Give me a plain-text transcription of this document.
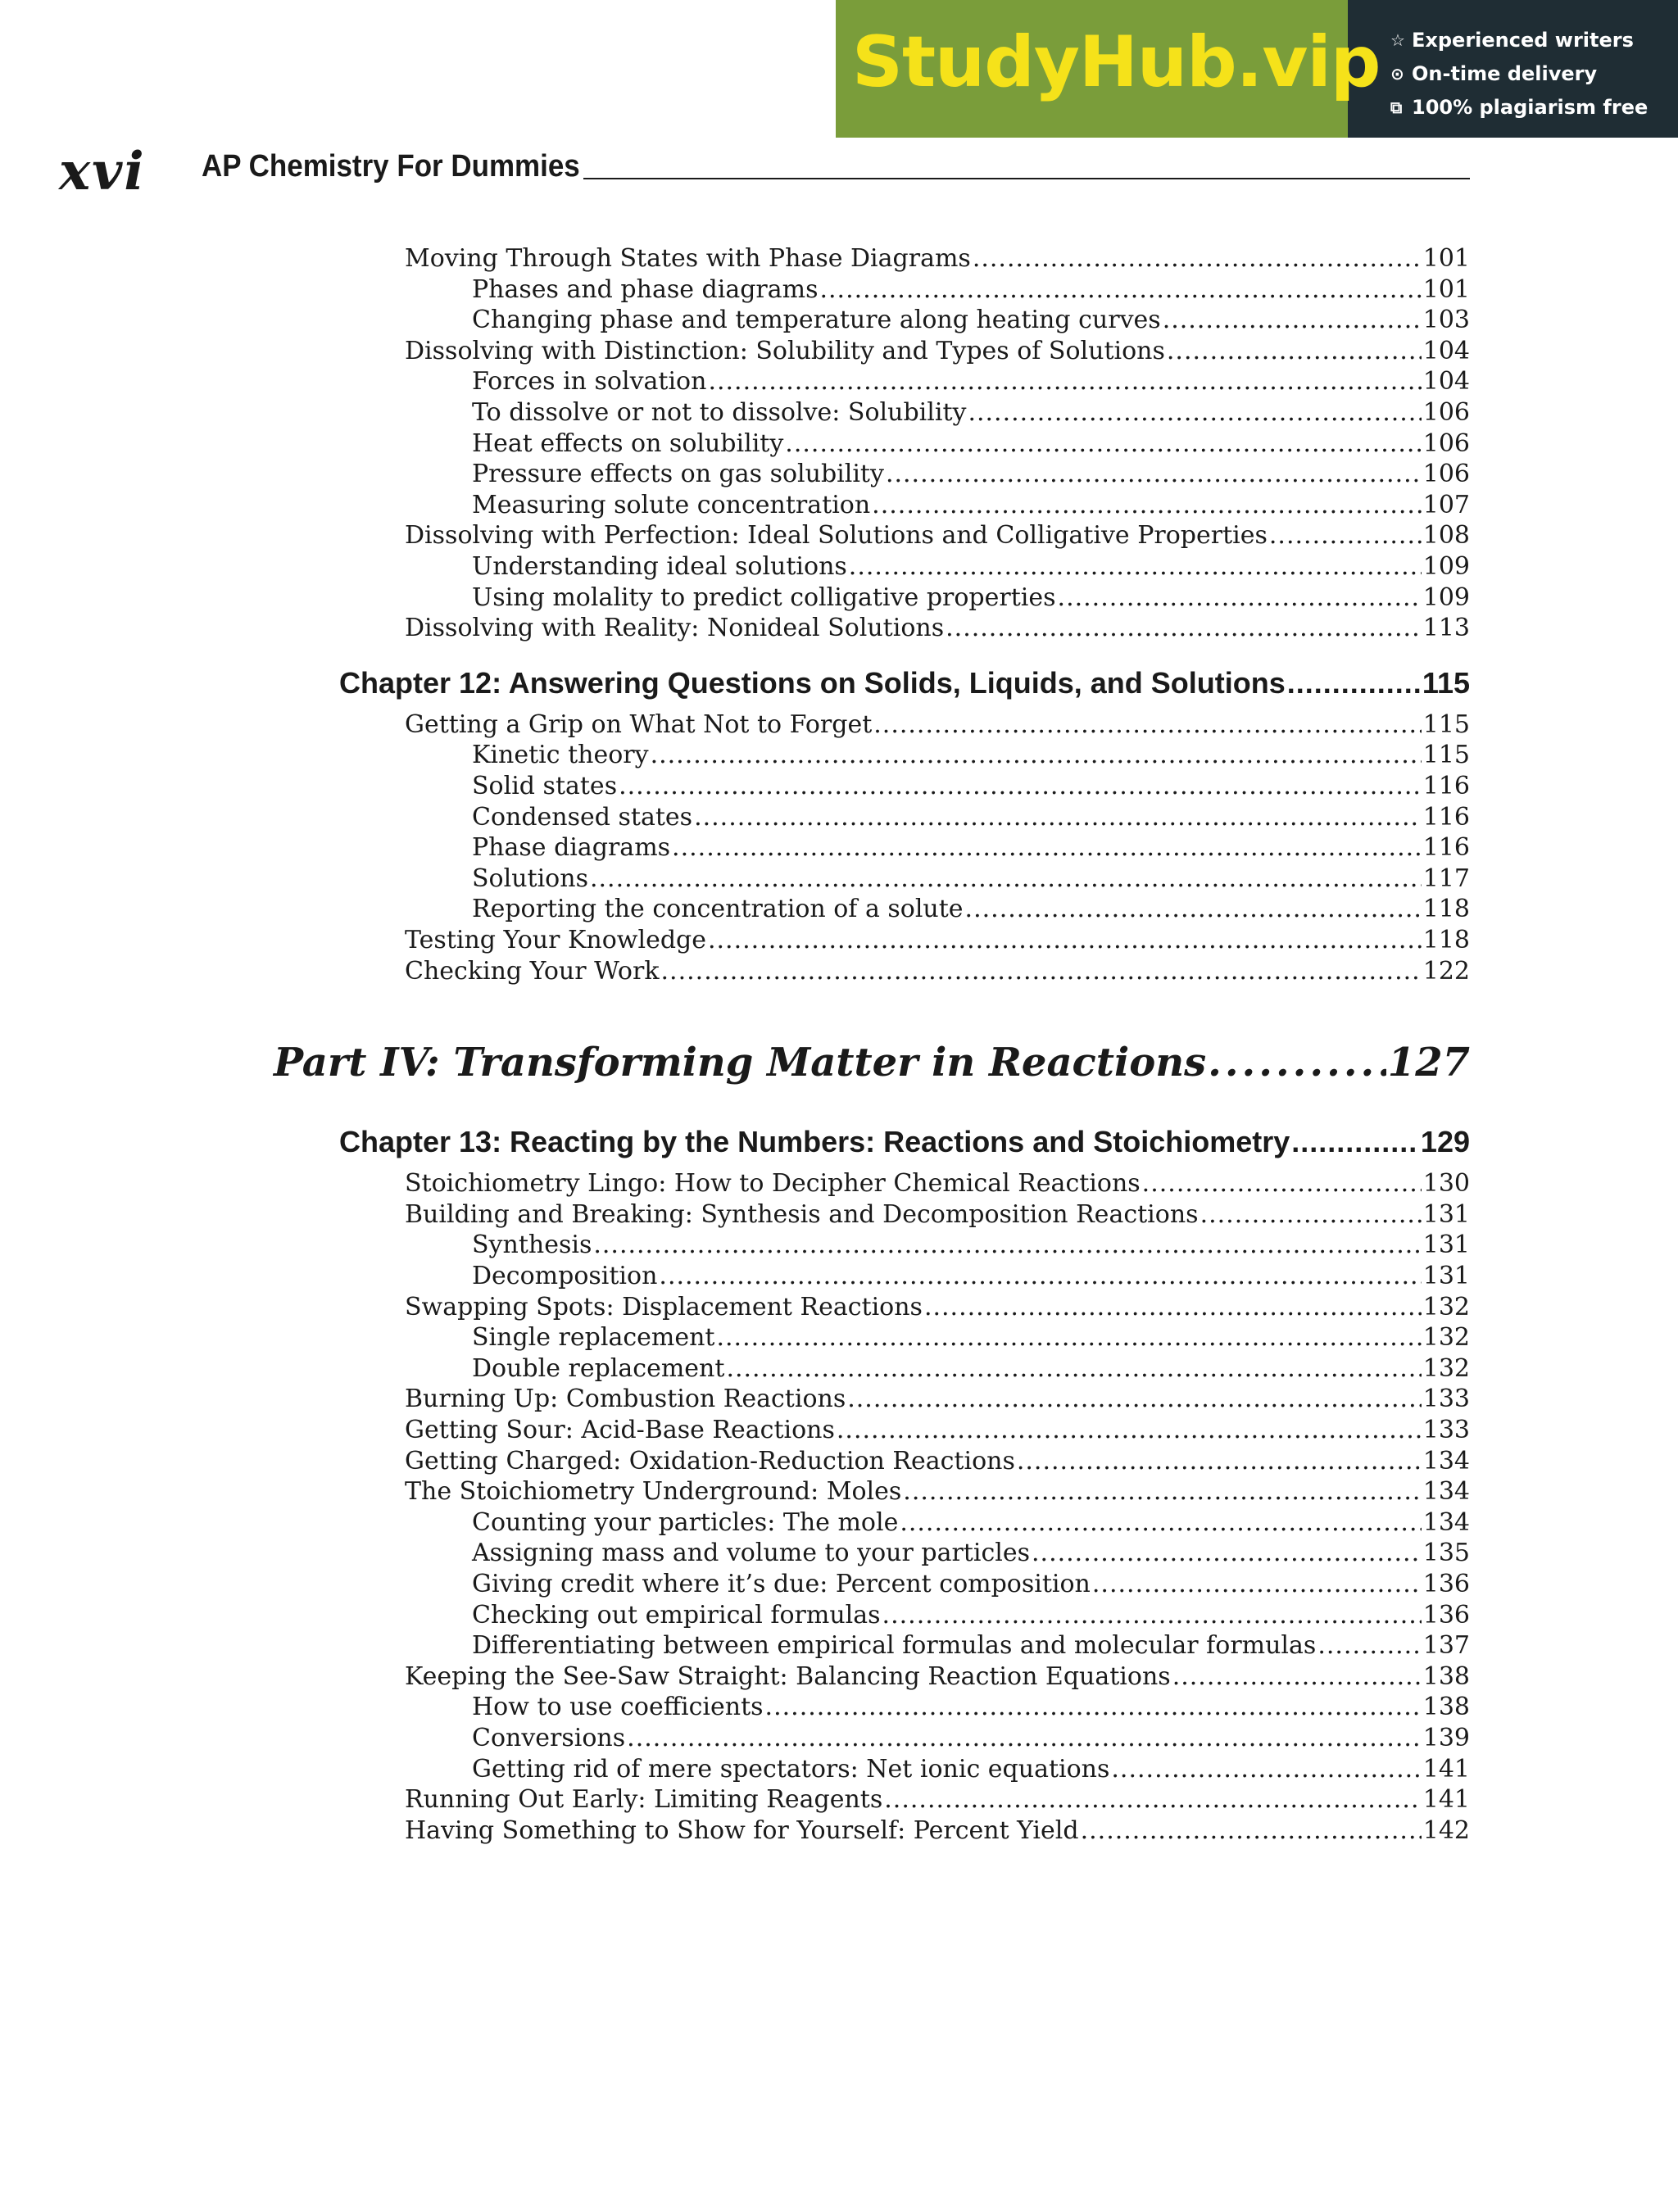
StudyHub.vip ☆ Experienced writers
⊙ On-time delivery
⧉ 100% plagiarism free
xvi AP Chemistry For Dummies
Moving Through States with Phase Diagrams .....	101
Phases and phase diagrams .....	101
Changing phase and temperature along heating curves .....	103
Dissolving with Distinction: Solubility and Types of Solutions .....	104
Forces in solvation .....	104
To dissolve or not to dissolve: Solubility .....	106
Heat effects on solubility .....	106
Pressure effects on gas solubility .....	106
Measuring solute concentration .....	107
Dissolving with Perfection: Ideal Solutions and Colligative Properties .....	108
Understanding ideal solutions .....	109
Using molality to predict colligative properties .....	109
Dissolving with Reality: Nonideal Solutions .....	113
Chapter 12: Answering Questions on Solids, Liquids, and Solutions .....	115
Getting a Grip on What Not to Forget .....	115
Kinetic theory .....	115
Solid states .....	116
Condensed states .....	116
Phase diagrams .....	116
Solutions .....	117
Reporting the concentration of a solute .....	118
Testing Your Knowledge .....	118
Checking Your Work .....	122
Part IV: Transforming Matter in Reactions .....	127
Chapter 13: Reacting by the Numbers: Reactions and Stoichiometry .....	129
Stoichiometry Lingo: How to Decipher Chemical Reactions .....	130
Building and Breaking: Synthesis and Decomposition Reactions .....	131
Synthesis .....	131
Decomposition .....	131
Swapping Spots: Displacement Reactions .....	132
Single replacement .....	132
Double replacement .....	132
Burning Up: Combustion Reactions .....	133
Getting Sour: Acid-Base Reactions .....	133
Getting Charged: Oxidation-Reduction Reactions .....	134
The Stoichiometry Underground: Moles .....	134
Counting your particles: The mole .....	134
Assigning mass and volume to your particles .....	135
Giving credit where it’s due: Percent composition .....	136
Checking out empirical formulas .....	136
Differentiating between empirical formulas and molecular formulas .....	137
Keeping the See-Saw Straight: Balancing Reaction Equations .....	138
How to use coefficients .....	138
Conversions .....	139
Getting rid of mere spectators: Net ionic equations .....	141
Running Out Early: Limiting Reagents .....	141
Having Something to Show for Yourself: Percent Yield .....	142
